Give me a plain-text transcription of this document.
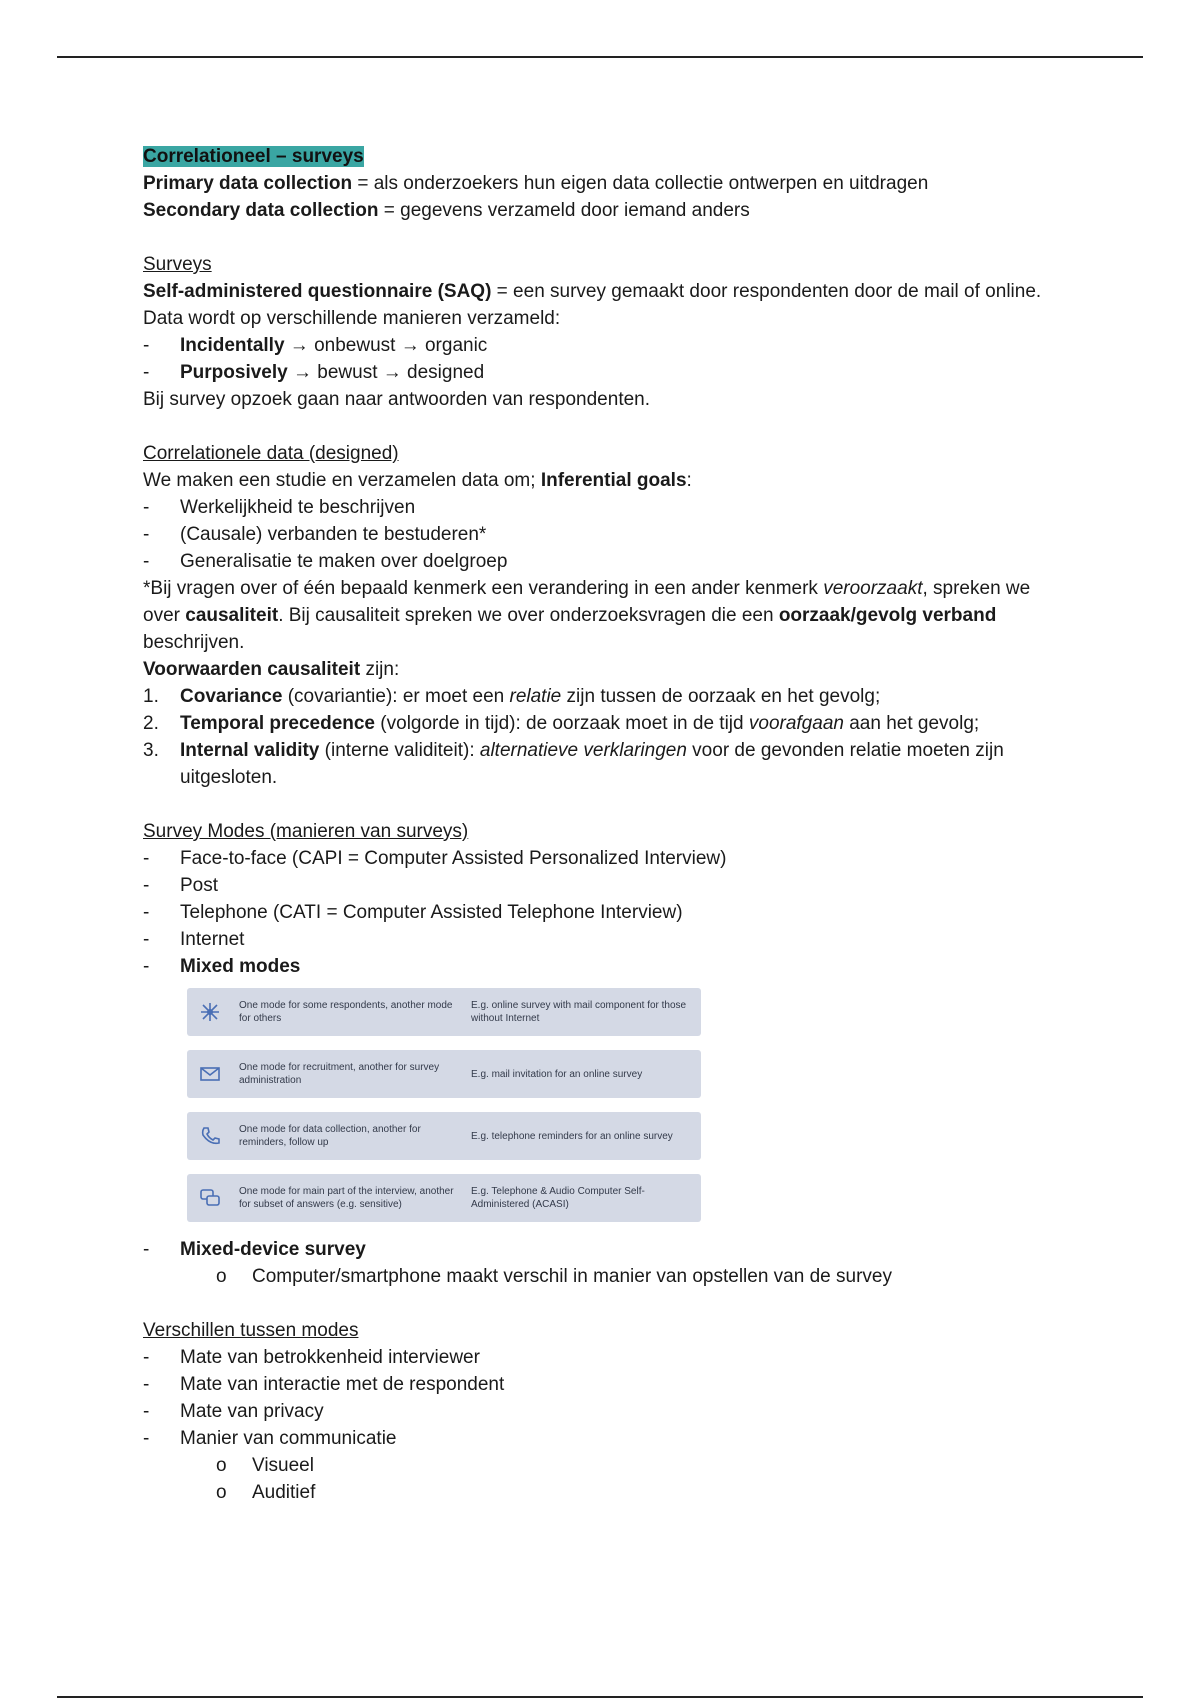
Correlationeel – surveys

Primary data collection = als onderzoekers hun eigen data collectie ontwerpen en uitdragen

Secondary data collection = gegevens verzameld door iemand anders

Surveys

Self-administered questionnaire (SAQ) = een survey gemaakt door respondenten door de mail of online.

Data wordt op verschillende manieren verzameld:

- Incidentally → onbewust → organic
- Purposively → bewust → designed

Bij survey opzoek gaan naar antwoorden van respondenten.

Correlationele data (designed)

We maken een studie en verzamelen data om; Inferential goals:

- Werkelijkheid te beschrijven
- (Causale) verbanden te bestuderen*
- Generalisatie te maken over doelgroep

*Bij vragen over of één bepaald kenmerk een verandering in een ander kenmerk veroorzaakt, spreken we over causaliteit. Bij causaliteit spreken we over onderzoeksvragen die een oorzaak/gevolg verband beschrijven.

Voorwaarden causaliteit zijn:

1. Covariance (covariantie): er moet een relatie zijn tussen de oorzaak en het gevolg;
2. Temporal precedence (volgorde in tijd): de oorzaak moet in de tijd voorafgaan aan het gevolg;
3. Internal validity (interne validiteit): alternatieve verklaringen voor de gevonden relatie moeten zijn uitgesloten.

Survey Modes (manieren van surveys)

- Face-to-face (CAPI = Computer Assisted Personalized Interview)
- Post
- Telephone (CATI = Computer Assisted Telephone Interview)
- Internet
- Mixed modes
One mode for some respondents, another mode for others
E.g. online survey with mail component for those without Internet
One mode for recruitment, another for survey administration
E.g. mail invitation for an online survey
One mode for data collection, another for reminders, follow up
E.g. telephone reminders for an online survey
One mode for main part of the interview, another for subset of answers (e.g. sensitive)
E.g. Telephone & Audio Computer Self-Administered (ACASI)
- Mixed-device survey
o Computer/smartphone maakt verschil in manier van opstellen van de survey

Verschillen tussen modes

- Mate van betrokkenheid interviewer
- Mate van interactie met de respondent
- Mate van privacy
- Manier van communicatie
o Visueel
o Auditief
